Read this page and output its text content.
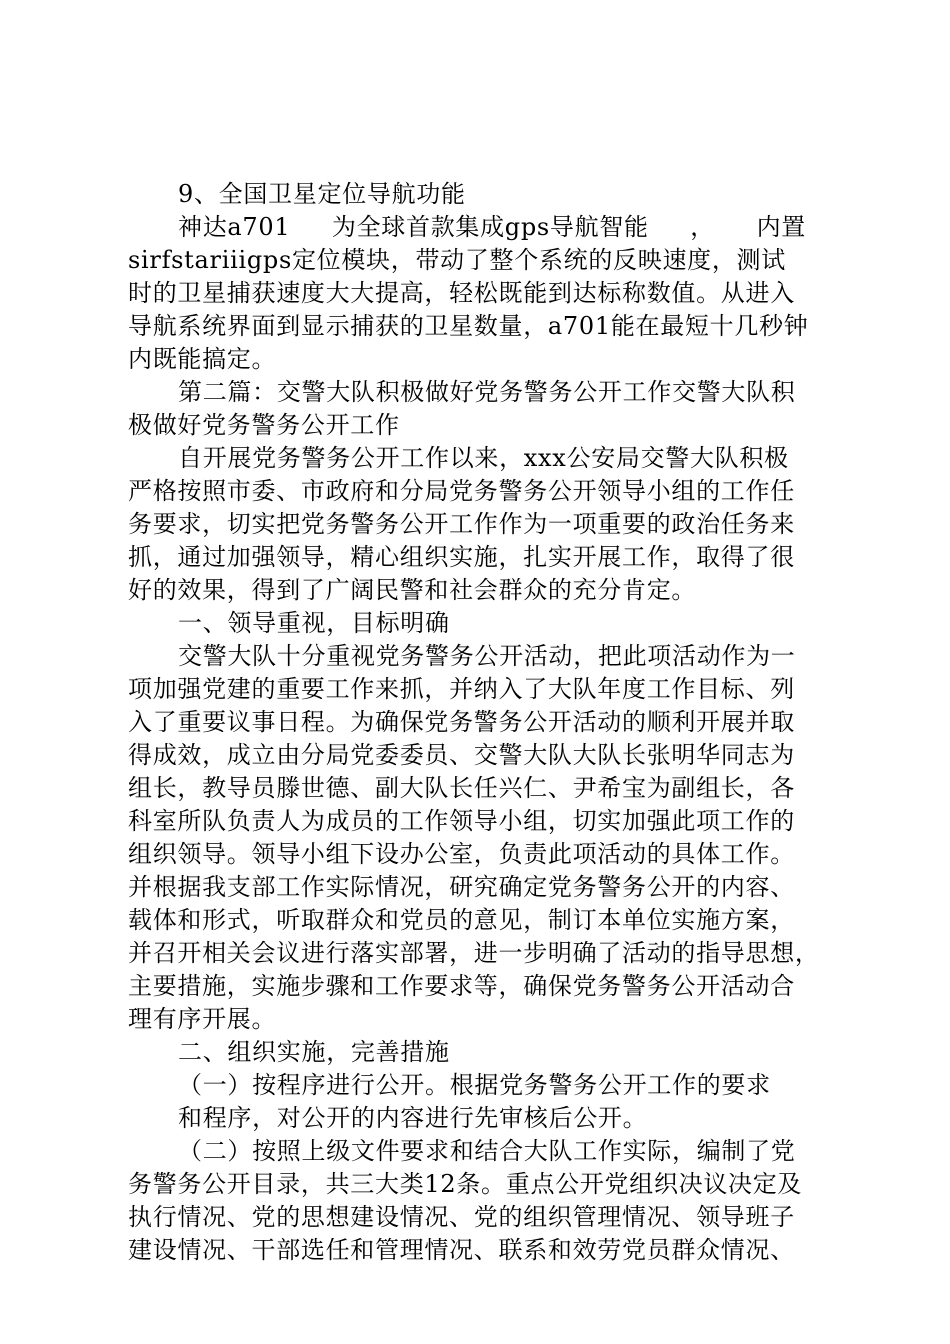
9、全国卫星定位导航功能
神达a701 为全球首款集成gps导航智能 ， 内置
sirfstariiigps定位模块，带动了整个系统的反映速度，测试
时的卫星捕获速度大大提高，轻松既能到达标称数值。从进入
导航系统界面到显示捕获的卫星数量，a701能在最短十几秒钟
内既能搞定。
第二篇：交警大队积极做好党务警务公开工作交警大队积
极做好党务警务公开工作
自开展党务警务公开工作以来，xxx公安局交警大队积极
严格按照市委、市政府和分局党务警务公开领导小组的工作任
务要求，切实把党务警务公开工作作为一项重要的政治任务来
抓，通过加强领导，精心组织实施，扎实开展工作，取得了很
好的效果，得到了广阔民警和社会群众的充分肯定。
一、领导重视，目标明确
交警大队十分重视党务警务公开活动，把此项活动作为一
项加强党建的重要工作来抓，并纳入了大队年度工作目标、列
入了重要议事日程。为确保党务警务公开活动的顺利开展并取
得成效，成立由分局党委委员、交警大队大队长张明华同志为
组长，教导员滕世德、副大队长任兴仁、尹希宝为副组长，各
科室所队负责人为成员的工作领导小组，切实加强此项工作的
组织领导。领导小组下设办公室，负责此项活动的具体工作。
并根据我支部工作实际情况，研究确定党务警务公开的内容、
载体和形式，听取群众和党员的意见，制订本单位实施方案，
并召开相关会议进行落实部署，进一步明确了活动的指导思想，
主要措施，实施步骤和工作要求等，确保党务警务公开活动合
理有序开展。
二、组织实施，完善措施
（一）按程序进行公开。根据党务警务公开工作的要求
和程序，对公开的内容进行先审核后公开。
（二）按照上级文件要求和结合大队工作实际，编制了党
务警务公开目录，共三大类12条。重点公开党组织决议决定及
执行情况、党的思想建设情况、党的组织管理情况、领导班子
建设情况、干部选任和管理情况、联系和效劳党员群众情况、
